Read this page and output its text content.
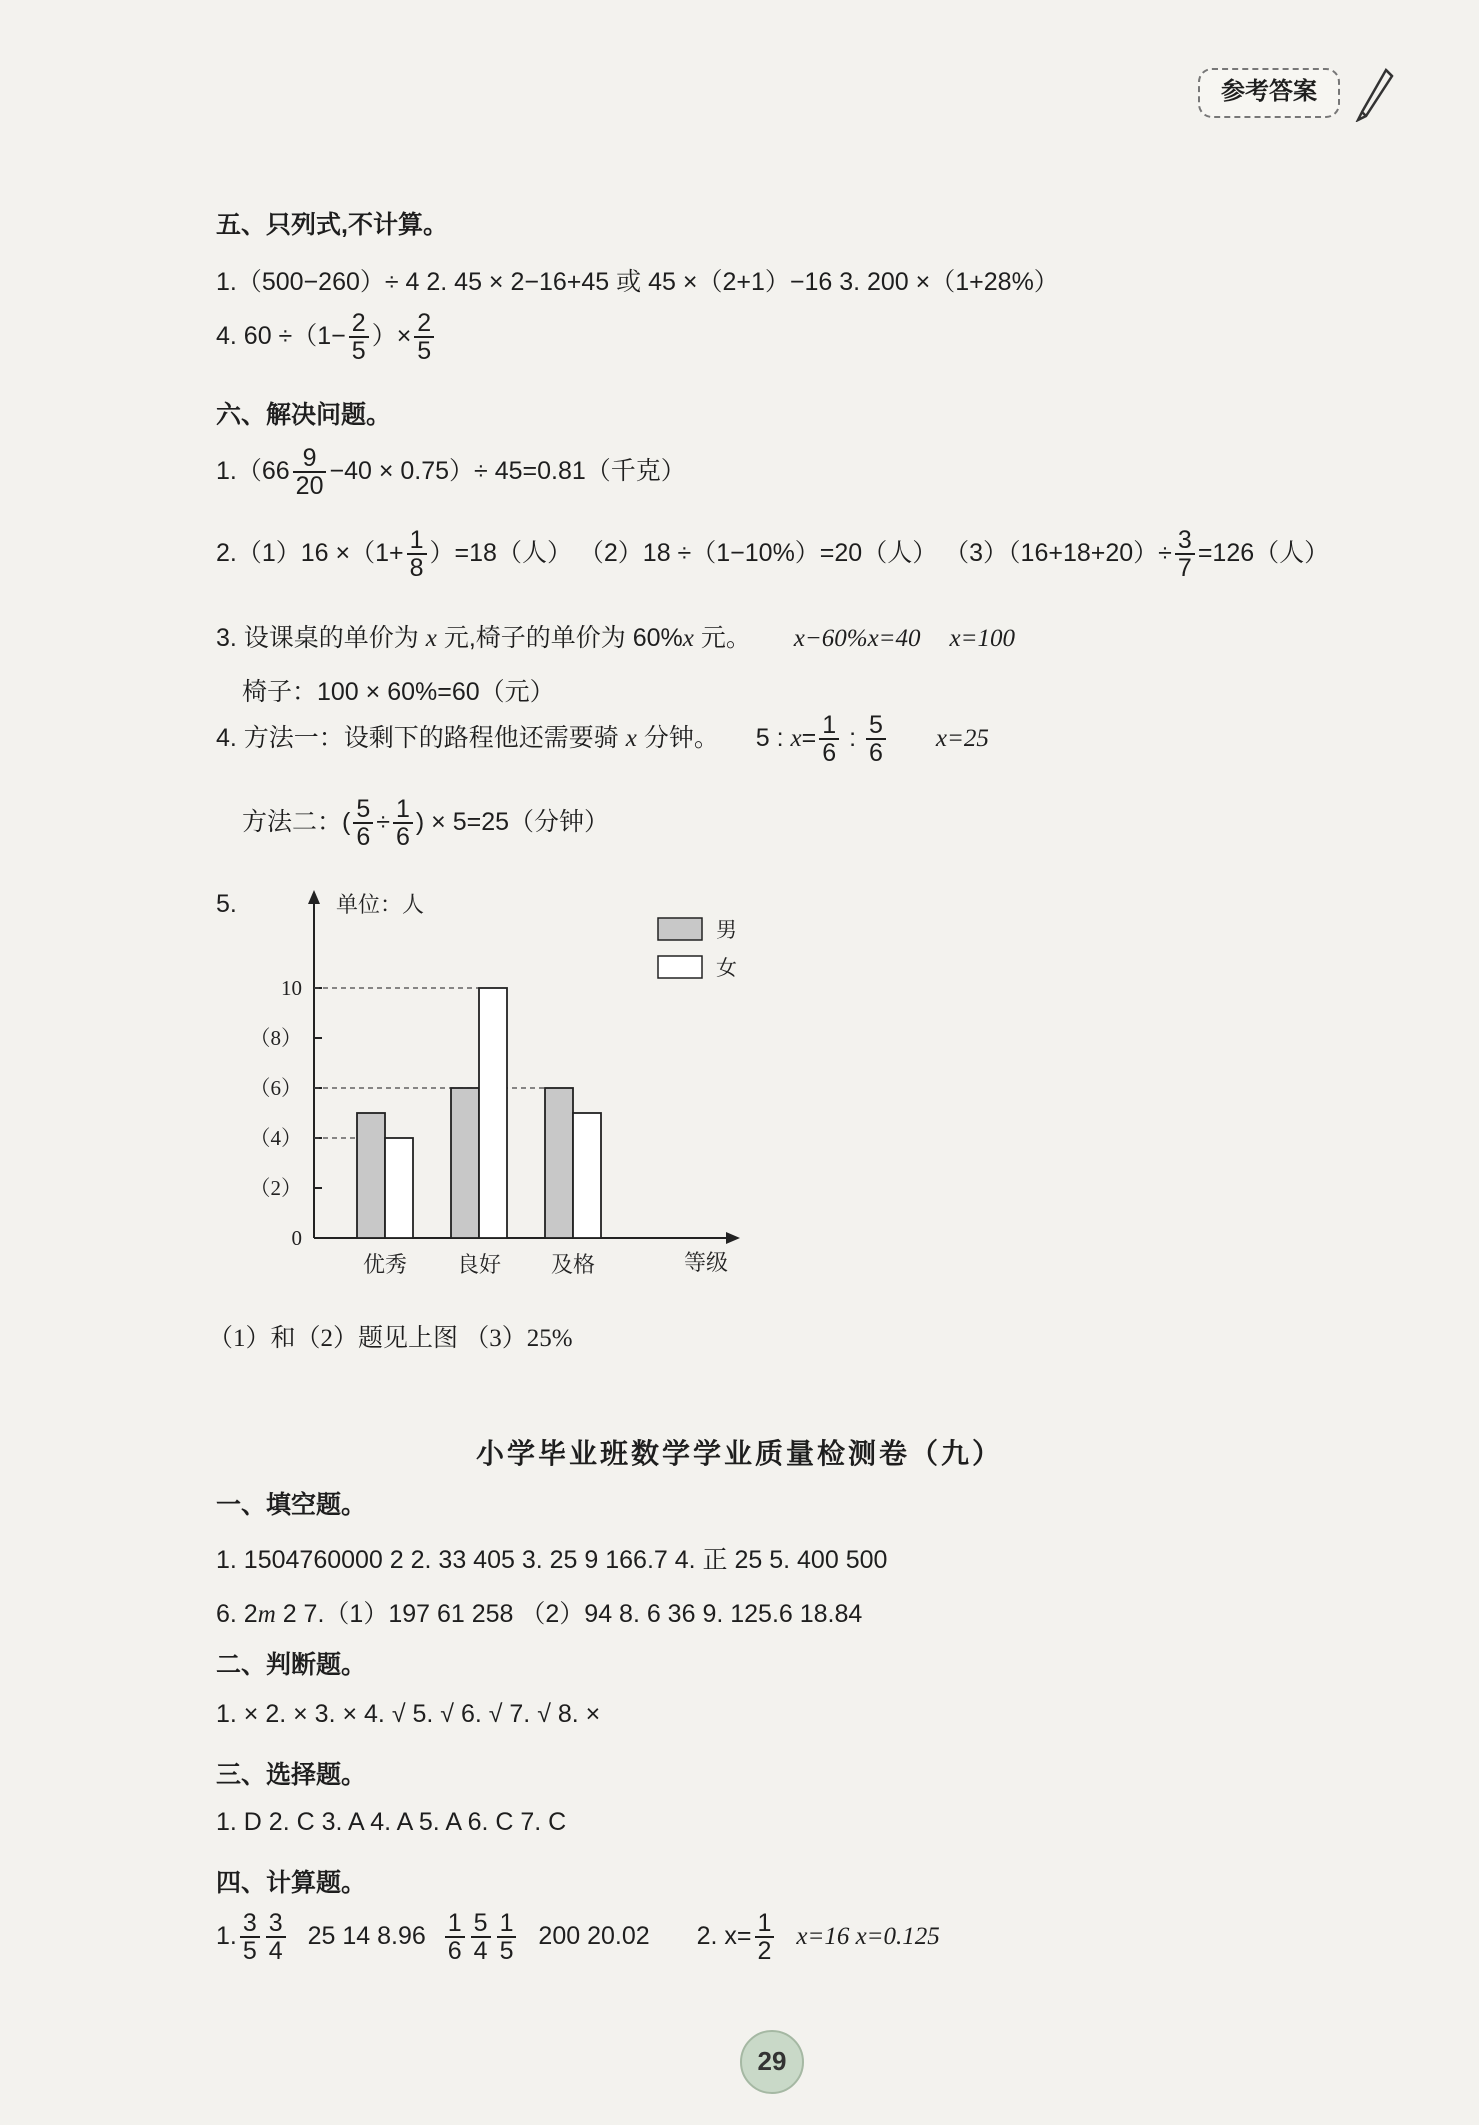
参考答案
五、只列式,不计算。
1.（500−260）÷ 4 2. 45 × 2−16+45 或 45 ×（2+1）−16 3. 200 ×（1+28%）
4. $60 \div(1- \frac{2}{5}$ ）× $\frac{2}{5}$
六、解决问题。
$1.(66 \frac{9}{20} -40 \times 0.75)\div 45=0.81$（千克）
$2.(1)16 \times(1+ \frac{1}{8} )=18$（人） （2）18 ÷（1−10%）=20（人） $(3)(16+18+20)\div \frac{3}{7} =126$（人）
3. 设课桌的单价为 x 元,椅子的单价为 60%x 元。 x−60%x=40 x=100
椅子：100 × 60%=60（元）
4. 方法一：设剩下的路程他还需要骑 x 分钟。 5 : $x= \frac{1}{6}$ : $\frac{5}{6} x=25$
方法二：( $\frac{5}{6} \div \frac{1}{6}$ ) × 5=25（分钟）
5.	单位：人
等级
0
（2）
（4）
（6）
（8）
10
优秀 良好 及格
男
女
（1）和（2）题见上图 （3）25%
小学毕业班数学学业质量检测卷（九）
一、填空题。
1. 1504760000 2 2. 33 405 3. 25 9 166.7 4. 正 25 5. 400 500
6. 2m 2 7.（1）197 61 258 （2）94 8. 6 36 9. 125.6 18.84
二、判断题。
1. × 2. × 3. × 4. √ 5. √ 6. √ 7. √ 8. ×
三、选择题。
1. D 2. C 3. A 4. A 5. A 6. C 7. C
四、计算题。
1. $\frac{3}{5} \frac{3}{4} 25$ 14 $8.96 \frac{1}{6} \frac{5}{4} \frac{1}{5} 200$ 20.02 2. $x= \frac{1}{2} x=16$ x=0.125
29
